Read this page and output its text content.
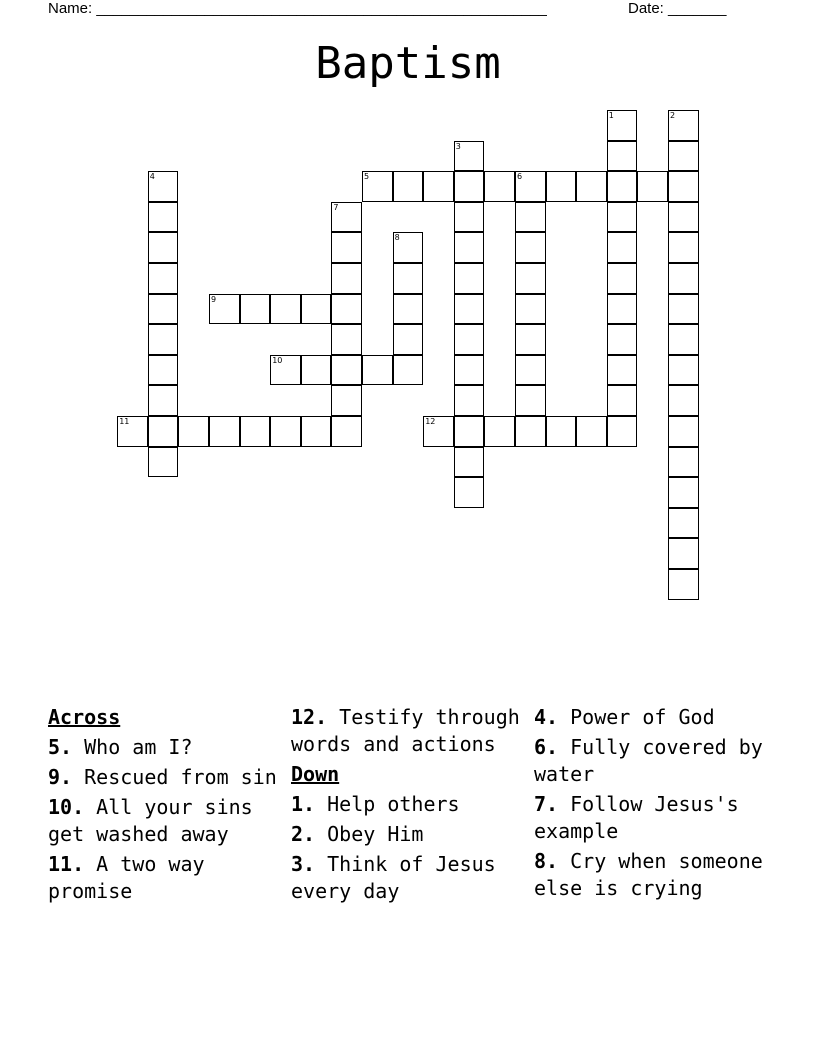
Name: ______________________________________________________	Date: _______
Baptism
1	2
3
4	5	6
7
8
9
10
11	12
Across
5. Who am I?
9. Rescued from sin
10. All your sins get washed away
11. A two way promise
12. Testify through words and actions
Down
1. Help others
2. Obey Him
3. Think of Jesus every day
4. Power of God
6. Fully covered by water
7. Follow Jesus's example
8. Cry when someone else is crying
